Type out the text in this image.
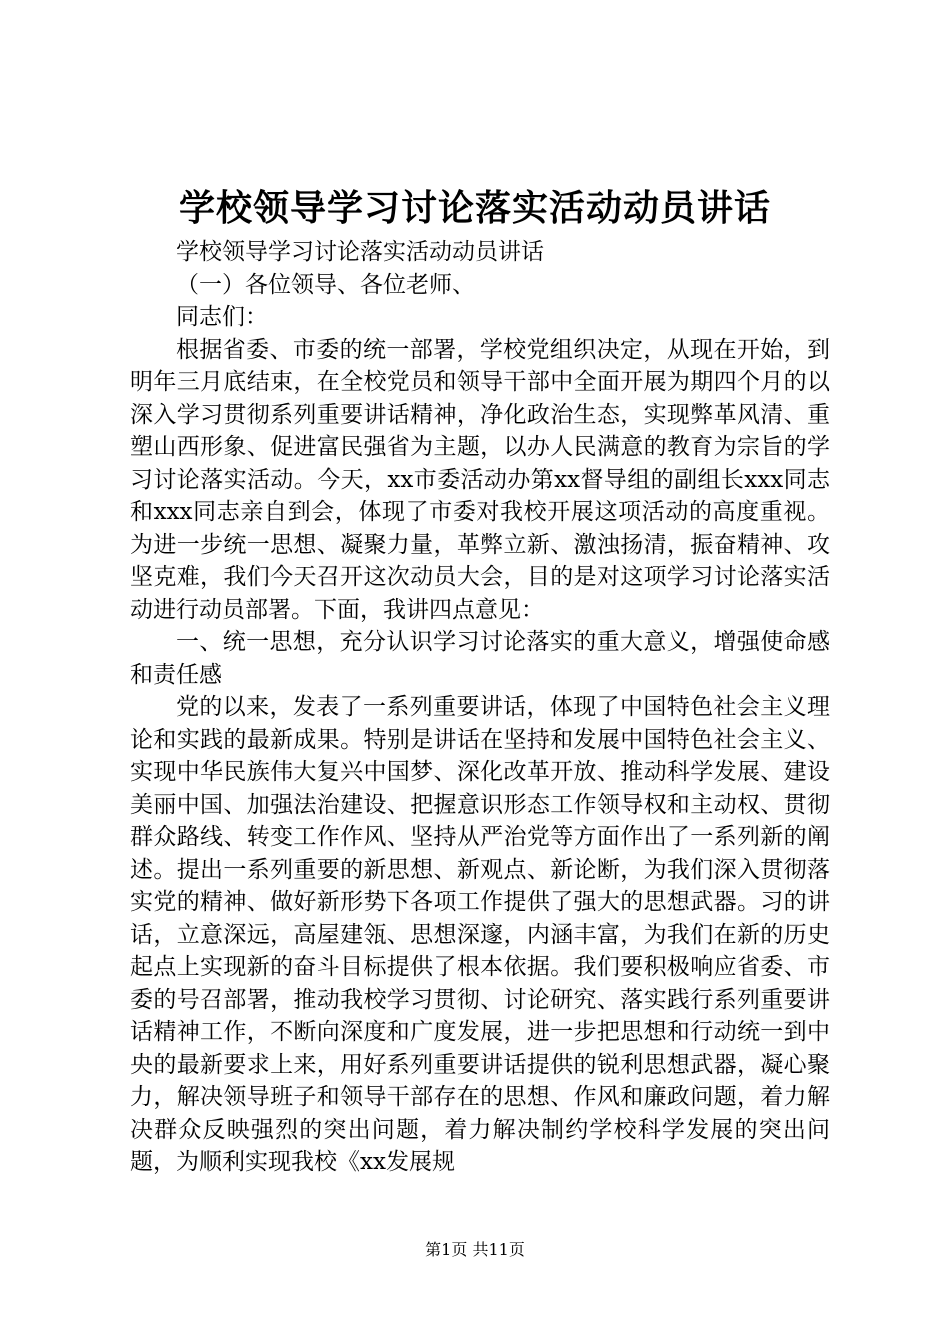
学校领导学习讨论落实活动动员讲话

学校领导学习讨论落实活动动员讲话

（一）各位领导、各位老师、

同志们：

根据省委、市委的统一部署，学校党组织决定，从现在开始，到明年三月底结束，在全校党员和领导干部中全面开展为期四个月的以深入学习贯彻系列重要讲话精神，净化政治生态，实现弊革风清、重塑山西形象、促进富民强省为主题，以办人民满意的教育为宗旨的学习讨论落实活动。今天，xx市委活动办第xx督导组的副组长xxx同志和xxx同志亲自到会，体现了市委对我校开展这项活动的高度重视。为进一步统一思想、凝聚力量，革弊立新、激浊扬清，振奋精神、攻坚克难，我们今天召开这次动员大会，目的是对这项学习讨论落实活动进行动员部署。下面，我讲四点意见：

一、统一思想，充分认识学习讨论落实的重大意义，增强使命感和责任感

党的以来，发表了一系列重要讲话，体现了中国特色社会主义理论和实践的最新成果。特别是讲话在坚持和发展中国特色社会主义、实现中华民族伟大复兴中国梦、深化改革开放、推动科学发展、建设美丽中国、加强法治建设、把握意识形态工作领导权和主动权、贯彻群众路线、转变工作作风、坚持从严治党等方面作出了一系列新的阐述。提出一系列重要的新思想、新观点、新论断，为我们深入贯彻落实党的精神、做好新形势下各项工作提供了强大的思想武器。习的讲话，立意深远，高屋建瓴、思想深邃，内涵丰富，为我们在新的历史起点上实现新的奋斗目标提供了根本依据。我们要积极响应省委、市委的号召部署，推动我校学习贯彻、讨论研究、落实践行系列重要讲话精神工作，不断向深度和广度发展，进一步把思想和行动统一到中央的最新要求上来，用好系列重要讲话提供的锐利思想武器，凝心聚力，解决领导班子和领导干部存在的思想、作风和廉政问题，着力解决群众反映强烈的突出问题，着力解决制约学校科学发展的突出问题，为顺利实现我校《xx发展规

第1页 共11页
